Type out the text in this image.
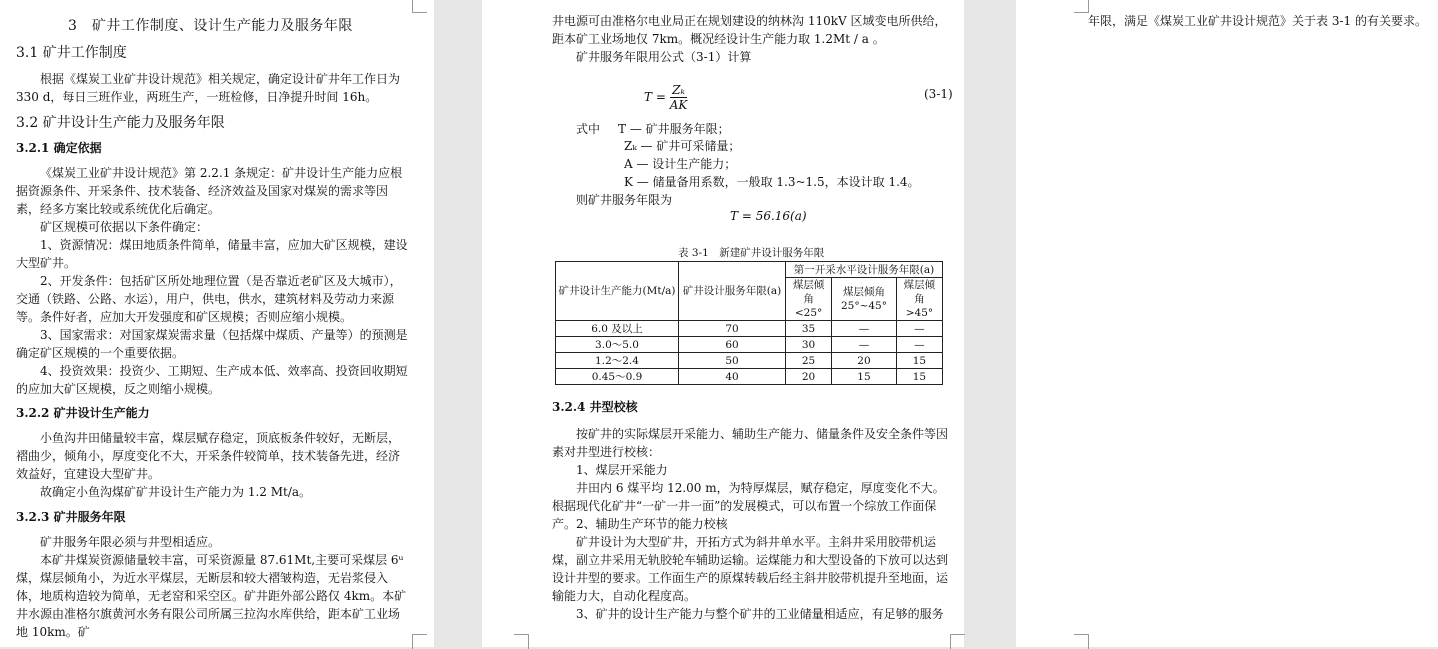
3　矿井工作制度、设计生产能力及服务年限
3.1 矿井工作制度

根据《煤炭工业矿井设计规范》相关规定，确定设计矿井年工作日为 330 d，每日三班作业，两班生产，一班检修，日净提升时间 16h。

3.2 矿井设计生产能力及服务年限
3.2.1 确定依据

《煤炭工业矿井设计规范》第 2.2.1 条规定：矿井设计生产能力应根据资源条件、开采条件、技术装备、经济效益及国家对煤炭的需求等因素，经多方案比较或系统优化后确定。

矿区规模可依据以下条件确定：

1、资源情况：煤田地质条件简单，储量丰富，应加大矿区规模，建设大型矿井。

2、开发条件：包括矿区所处地理位置（是否靠近老矿区及大城市），交通（铁路、公路、水运），用户，供电，供水，建筑材料及劳动力来源等。条件好者，应加大开发强度和矿区规模；否则应缩小规模。

3、国家需求：对国家煤炭需求量（包括煤中煤质、产量等）的预测是确定矿区规模的一个重要依据。

4、投资效果：投资少、工期短、生产成本低、效率高、投资回收期短的应加大矿区规模，反之则缩小规模。

3.2.2 矿井设计生产能力

小鱼沟井田储量较丰富，煤层赋存稳定，顶底板条件较好，无断层，褶曲少，倾角小，厚度变化不大，开采条件较简单，技术装备先进，经济效益好，宜建设大型矿井。

故确定小鱼沟煤矿矿井设计生产能力为 1.2 Mt/a。

3.2.3 矿井服务年限

矿井服务年限必须与井型相适应。

本矿井煤炭资源储量较丰富，可采资源量 87.61Mt,主要可采煤层 6ᵘ煤，煤层倾角小，为近水平煤层，无断层和较大褶皱构造，无岩浆侵入体，地质构造较为简单，无老窑和采空区。矿井距外部公路仅 4km。本矿井水源由准格尔旗黄河水务有限公司所属三拉沟水库供给，距本矿工业场地 10km。矿

井电源可由准格尔电业局正在规划建设的纳林沟 110kV 区域变电所供给，距本矿工业场地仅 7km。概况经设计生产能力取 1.2Mt / a 。

矿井服务年限用公式（3-1）计算

$T = \frac{\text{Zₖ}}{AK}$	(3-1)
式中 T — 矿井服务年限；
Zₖ — 矿井可采储量；
A — 设计生产能力；
K — 储量备用系数，一般取 1.3~1.5，本设计取 1.4。

则矿井服务年限为

T = 56.16(a)
表 3-1　新建矿井设计服务年限
矿井设计生产能力(Mt/a)	矿井设计服务年限(a)	第一开采水平设计服务年限(a)		
		煤层倾角 <25°	煤层倾角 25°~45°	煤层倾角 >45°
6.0 及以上	70	35	—	—
3.0～5.0	60	30	—	—
1.2～2.4	50	25	20	15
0.45～0.9	40	20	15	15
3.2.4 井型校核

按矿井的实际煤层开采能力、辅助生产能力、储量条件及安全条件等因素对井型进行校核：

1、煤层开采能力

井田内 6 煤平均 12.00 m，为特厚煤层，赋存稳定，厚度变化不大。根据现代化矿井“一矿一井一面”的发展模式，可以布置一个综放工作面保产。 2、辅助生产环节的能力校核

矿井设计为大型矿井，开拓方式为斜井单水平。主斜井采用胶带机运煤，副立井采用无轨胶轮车辅助运输。运煤能力和大型设备的下放可以达到设计井型的要求。工作面生产的原煤转载后经主斜井胶带机提升至地面，运输能力大，自动化程度高。

3、矿井的设计生产能力与整个矿井的工业储量相适应，有足够的服务

年限，满足《煤炭工业矿井设计规范》关于表 3-1 的有关要求。
